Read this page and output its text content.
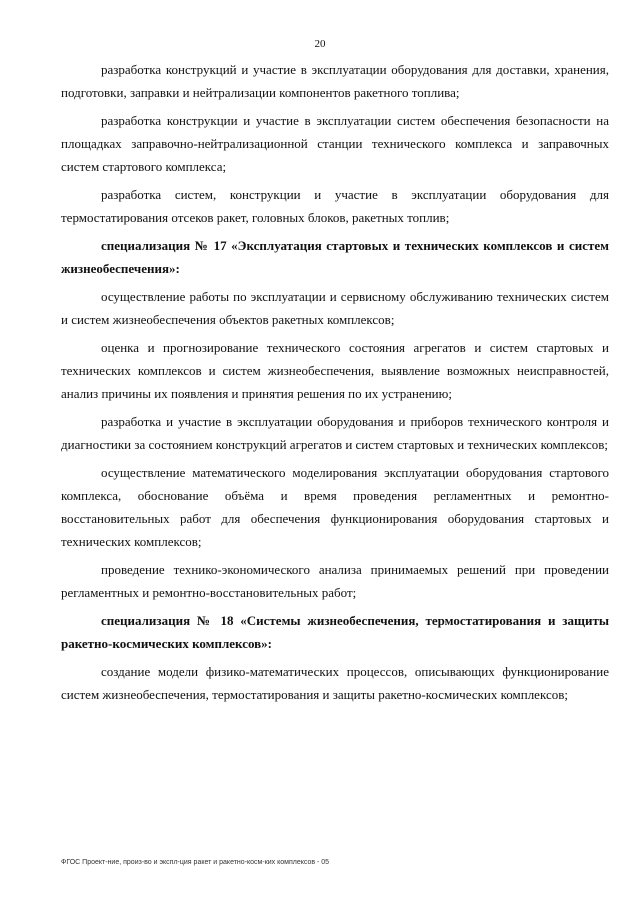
20

разработка конструкций и участие в эксплуатации оборудования для доставки, хранения, подготовки, заправки и нейтрализации компонентов ракетного топлива;

разработка конструкции и участие в эксплуатации систем обеспечения безопасности на площадках заправочно-нейтрализационной станции технического комплекса и заправочных систем стартового комплекса;

разработка систем, конструкции и участие в эксплуатации оборудования для термостатирования отсеков ракет, головных блоков, ракетных топлив;

специализация № 17 «Эксплуатация стартовых и технических комплексов и систем жизнеобеспечения»:

осуществление работы по эксплуатации и сервисному обслуживанию технических систем и систем жизнеобеспечения объектов ракетных комплексов;

оценка и прогнозирование технического состояния агрегатов и систем стартовых и технических комплексов и систем жизнеобеспечения, выявление возможных неисправностей, анализ причины их появления и принятия решения по их устранению;

разработка и участие в эксплуатации оборудования и приборов технического контроля и диагностики за состоянием конструкций агрегатов и систем стартовых и технических комплексов;

осуществление математического моделирования эксплуатации оборудования стартового комплекса, обоснование объёма и время проведения регламентных и ремонтно-восстановительных работ для обеспечения функционирования оборудования стартовых и технических комплексов;

проведение технико-экономического анализа принимаемых решений при проведении регламентных и ремонтно-восстановительных работ;

специализация № 18 «Системы жизнеобеспечения, термостатирования и защиты ракетно-космических комплексов»:

создание модели физико-математических процессов, описывающих функционирование систем жизнеобеспечения, термостатирования и защиты ракетно-космических комплексов;

ФГОС Проект-ние, произ-во и экспл-ция ракет и ракетно-косм-ких комплексов - 05
